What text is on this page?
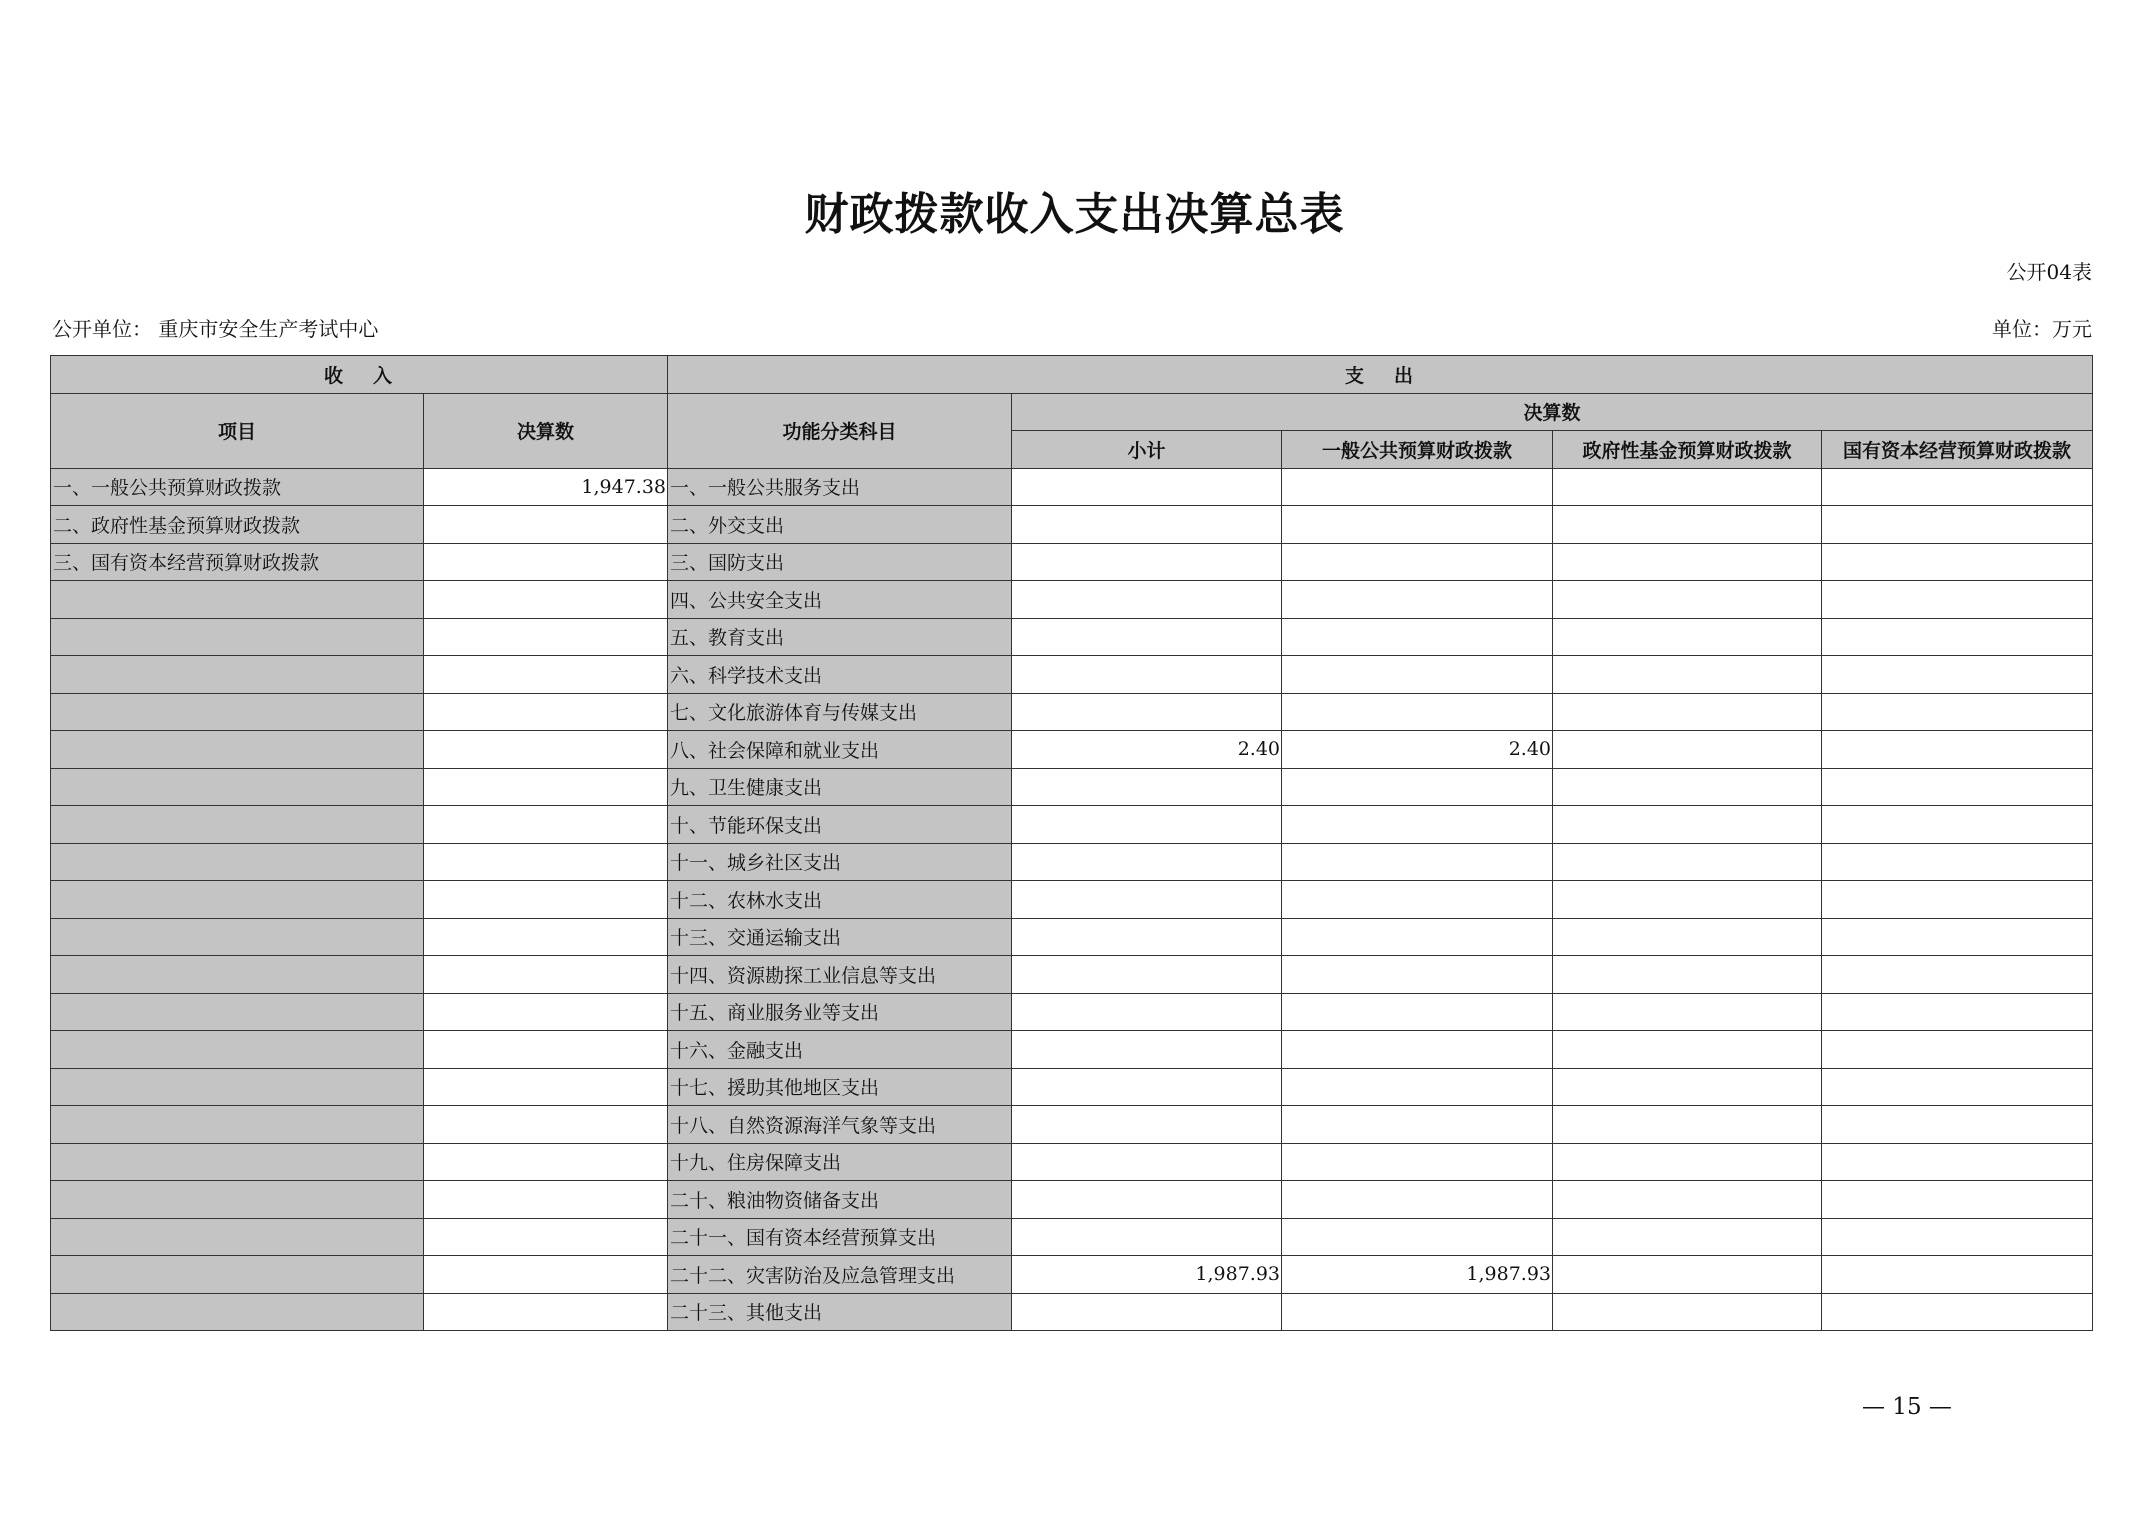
财政拨款收入支出决算总表
公开04表
公开单位： 重庆市安全生产考试中心	单位：万元
收入		支出				
项目	决算数	功能分类科目	决算数			
			小计	一般公共预算财政拨款	政府性基金预算财政拨款	国有资本经营预算财政拨款
一、一般公共预算财政拨款	1,947.38	一、一般公共服务支出				
二、政府性基金预算财政拨款		二、外交支出				
三、国有资本经营预算财政拨款		三、国防支出				
		四、公共安全支出				
		五、教育支出				
		六、科学技术支出				
		七、文化旅游体育与传媒支出				
		八、社会保障和就业支出	2.40	2.40		
		九、卫生健康支出				
		十、节能环保支出				
		十一、城乡社区支出				
		十二、农林水支出				
		十三、交通运输支出				
		十四、资源勘探工业信息等支出				
		十五、商业服务业等支出				
		十六、金融支出				
		十七、援助其他地区支出				
		十八、自然资源海洋气象等支出				
		十九、住房保障支出				
		二十、粮油物资储备支出				
		二十一、国有资本经营预算支出				
		二十二、灾害防治及应急管理支出	1,987.93	1,987.93		
		二十三、其他支出				
— 15 —
